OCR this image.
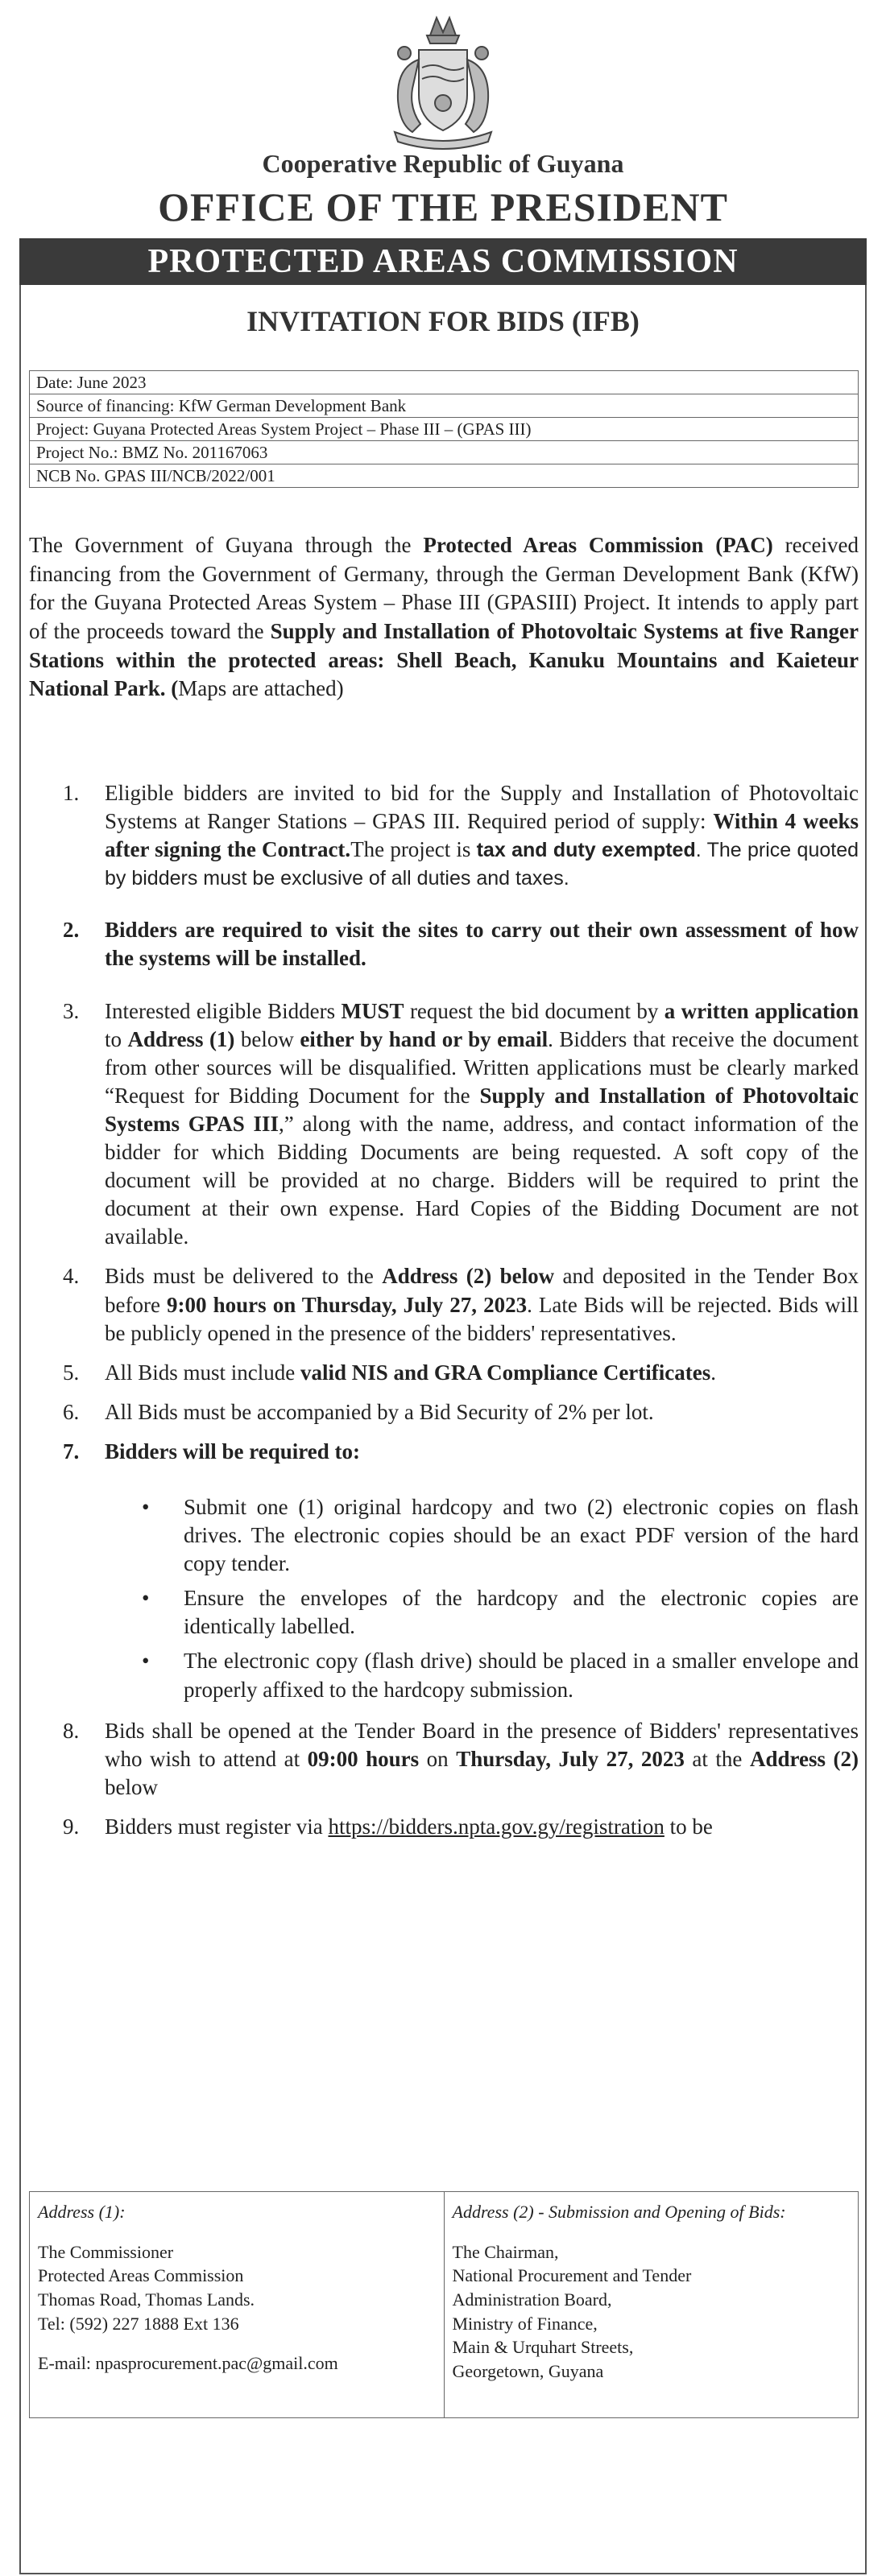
Cooperative Republic of Guyana
OFFICE OF THE PRESIDENT
PROTECTED AREAS COMMISSION
INVITATION FOR BIDS (IFB)
Date: June 2023
Source of financing: KfW German Development Bank
Project: Guyana Protected Areas System Project – Phase III – (GPAS III)
Project No.: BMZ No. 201167063
NCB No. GPAS III/NCB/2022/001
The Government of Guyana through the Protected Areas Commission (PAC) received financing from the Government of Germany, through the German Development Bank (KfW) for the Guyana Protected Areas System – Phase III (GPASIII) Project. It intends to apply part of the proceeds toward the Supply and Installation of Photovoltaic Systems at five Ranger Stations within the protected areas: Shell Beach, Kanuku Mountains and Kaieteur National Park. (Maps are attached)
1. Eligible bidders are invited to bid for the Supply and Installation of Photovoltaic Systems at Ranger Stations – GPAS III. Required period of supply: Within 4 weeks after signing the Contract.The project is tax and duty exempted. The price quoted by bidders must be exclusive of all duties and taxes.
2. Bidders are required to visit the sites to carry out their own assessment of how the systems will be installed.
3. Interested eligible Bidders MUST request the bid document by a written application to Address (1) below either by hand or by email. Bidders that receive the document from other sources will be disqualified. Written applications must be clearly marked “Request for Bidding Document for the Supply and Installation of Photovoltaic Systems GPAS III,” along with the name, address, and contact information of the bidder for which Bidding Documents are being requested. A soft copy of the document will be provided at no charge. Bidders will be required to print the document at their own expense. Hard Copies of the Bidding Document are not available.
4. Bids must be delivered to the Address (2) below and deposited in the Tender Box before 9:00 hours on Thursday, July 27, 2023. Late Bids will be rejected. Bids will be publicly opened in the presence of the bidders' representatives.
5. All Bids must include valid NIS and GRA Compliance Certificates.
6. All Bids must be accompanied by a Bid Security of 2% per lot.
7. Bidders will be required to:
• Submit one (1) original hardcopy and two (2) electronic copies on flash drives. The electronic copies should be an exact PDF version of the hard copy tender.
• Ensure the envelopes of the hardcopy and the electronic copies are identically labelled.
• The electronic copy (flash drive) should be placed in a smaller envelope and properly affixed to the hardcopy submission.
8. Bids shall be opened at the Tender Board in the presence of Bidders' representatives who wish to attend at 09:00 hours on Thursday, July 27, 2023 at the Address (2) below
9. Bidders must register via https://bidders.npta.gov.gy/registration to be
Address (1):
The Commissioner
Protected Areas Commission
Thomas Road, Thomas Lands.
Tel: (592) 227 1888 Ext 136
E-mail: npasprocurement.pac@gmail.com

Address (2) - Submission and Opening of Bids:
The Chairman,
National Procurement and Tender
Administration Board,
Ministry of Finance,
Main & Urquhart Streets,
Georgetown, Guyana
